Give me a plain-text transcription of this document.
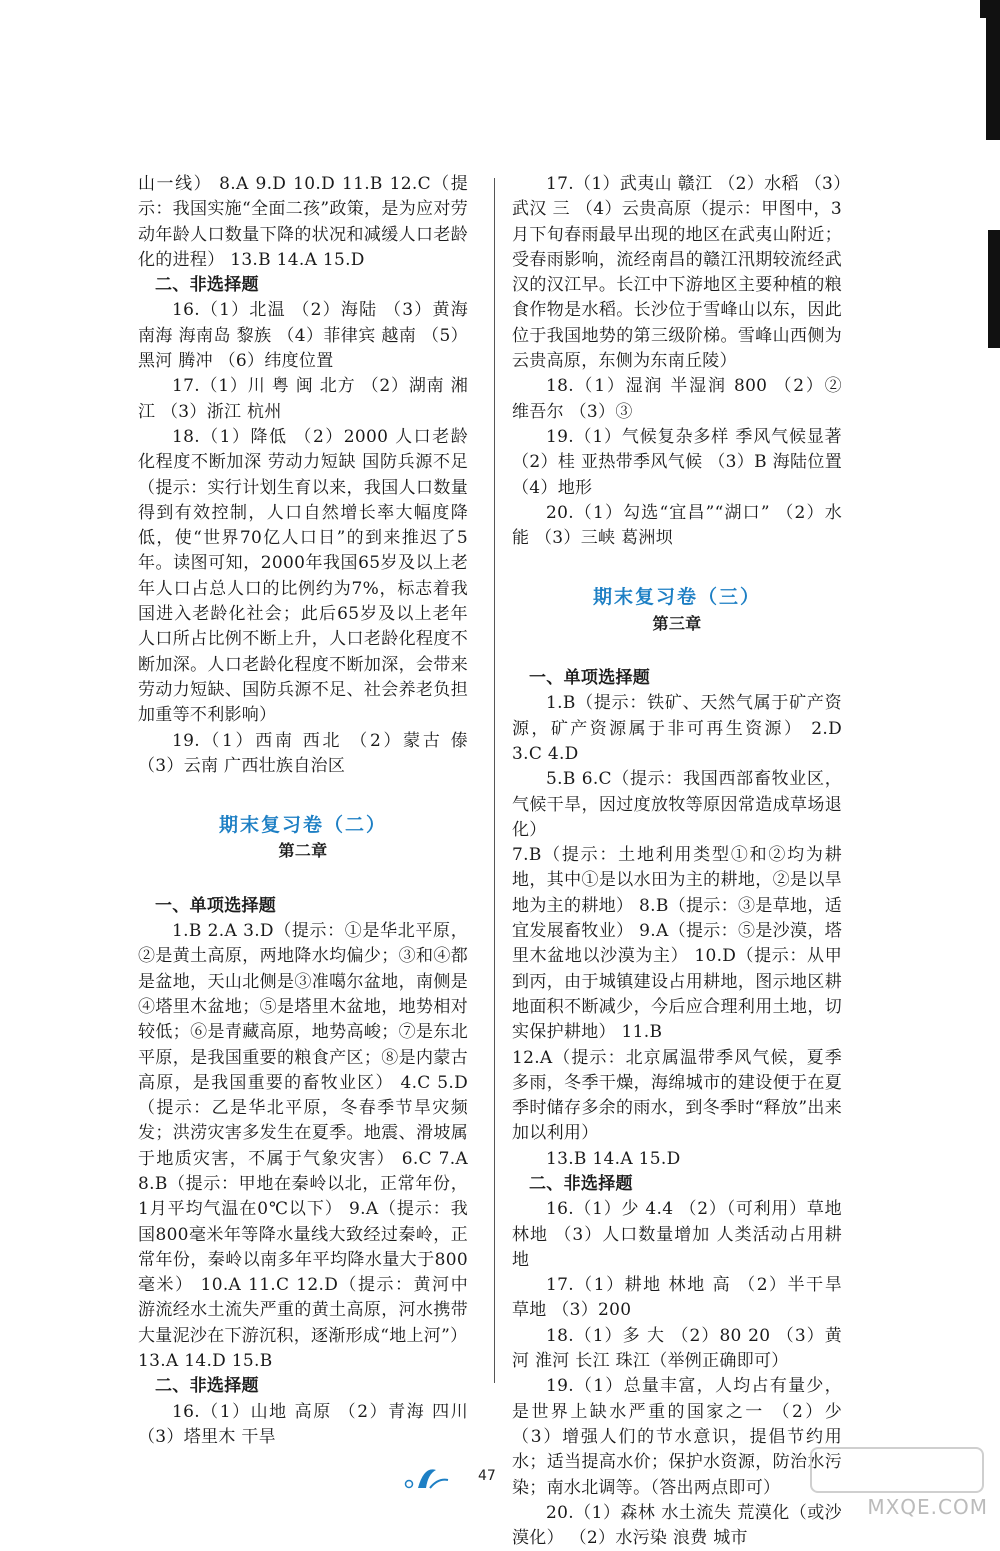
山一线） 8.A 9.D 10.D 11.B 12.C（提示：我国实施“全面二孩”政策，是为应对劳动年龄人口数量下降的状况和减缓人口老龄化的进程） 13.B 14.A 15.D

二、非选择题

16.（1）北温 （2）海陆 （3）黄海 南海 海南岛 黎族 （4）菲律宾 越南 （5）黑河 腾冲 （6）纬度位置

17.（1）川 粤 闽 北方 （2）湖南 湘江 （3）浙江 杭州

18.（1）降低 （2）2000 人口老龄化程度不断加深 劳动力短缺 国防兵源不足（提示：实行计划生育以来，我国人口数量得到有效控制，人口自然增长率大幅度降低，使“世界70亿人口日”的到来推迟了5年。读图可知，2000年我国65岁及以上老年人口占总人口的比例约为7%，标志着我国进入老龄化社会；此后65岁及以上老年人口所占比例不断上升，人口老龄化程度不断加深。人口老龄化程度不断加深，会带来劳动力短缺、国防兵源不足、社会养老负担加重等不利影响）

19.（1）西南 西北 （2）蒙古 傣 （3）云南 广西壮族自治区

期末复习卷（二）
第二章

一、单项选择题

1.B 2.A 3.D（提示：①是华北平原，②是黄土高原，两地降水均偏少；③和④都是盆地，天山北侧是③准噶尔盆地，南侧是④塔里木盆地；⑤是塔里木盆地，地势相对较低；⑥是青藏高原，地势高峻；⑦是东北平原，是我国重要的粮食产区；⑧是内蒙古高原，是我国重要的畜牧业区） 4.C 5.D（提示：乙是华北平原，冬春季节旱灾频发；洪涝灾害多发生在夏季。地震、滑坡属于地质灾害，不属于气象灾害） 6.C 7.A 8.B（提示：甲地在秦岭以北，正常年份，1月平均气温在0℃以下） 9.A（提示：我国800毫米年等降水量线大致经过秦岭，正常年份，秦岭以南多年平均降水量大于800毫米） 10.A 11.C 12.D（提示：黄河中游流经水土流失严重的黄土高原，河水携带大量泥沙在下游沉积，逐渐形成“地上河”）

13.A 14.D 15.B

二、非选择题

16.（1）山地 高原 （2）青海 四川 （3）塔里木 干旱

17.（1）武夷山 赣江 （2）水稻 （3）武汉 三 （4）云贵高原（提示：甲图中，3月下旬春雨最早出现的地区在武夷山附近；受春雨影响，流经南昌的赣江汛期较流经武汉的汉江早。长江中下游地区主要种植的粮食作物是水稻。长沙位于雪峰山以东，因此位于我国地势的第三级阶梯。雪峰山西侧为云贵高原，东侧为东南丘陵）

18.（1）湿润 半湿润 800 （2）② 维吾尔 （3）③

19.（1）气候复杂多样 季风气候显著 （2）桂 亚热带季风气候 （3）B 海陆位置 （4）地形

20.（1）勾选“宜昌”“湖口” （2）水能 （3）三峡 葛洲坝

期末复习卷（三）
第三章

一、单项选择题

1.B（提示：铁矿、天然气属于矿产资源，矿产资源属于非可再生资源） 2.D 3.C 4.D

5.B 6.C（提示：我国西部畜牧业区，气候干旱，因过度放牧等原因常造成草场退化）

7.B（提示：土地利用类型①和②均为耕地，其中①是以水田为主的耕地，②是以旱地为主的耕地） 8.B（提示：③是草地，适宜发展畜牧业） 9.A（提示：⑤是沙漠，塔里木盆地以沙漠为主） 10.D（提示：从甲到丙，由于城镇建设占用耕地，图示地区耕地面积不断减少，今后应合理利用土地，切实保护耕地） 11.B

12.A（提示：北京属温带季风气候，夏季多雨，冬季干燥，海绵城市的建设便于在夏季时储存多余的雨水，到冬季时“释放”出来加以利用）

13.B 14.A 15.D

二、非选择题

16.（1）少 4.4 （2）（可利用）草地 林地 （3）人口数量增加 人类活动占用耕地

17.（1）耕地 林地 高 （2）半干旱 草地 （3）200

18.（1）多 大 （2）80 20 （3）黄河 淮河 长江 珠江（举例正确即可）

19.（1）总量丰富，人均占有量少，是世界上缺水严重的国家之一 （2）少 （3）增强人们的节水意识，提倡节约用水；适当提高水价；保护水资源，防治水污染；南水北调等。（答出两点即可）

20.（1）森林 水土流失 荒漠化（或沙漠化） （2）水污染 浪费 城市

47
MXQE.COM
